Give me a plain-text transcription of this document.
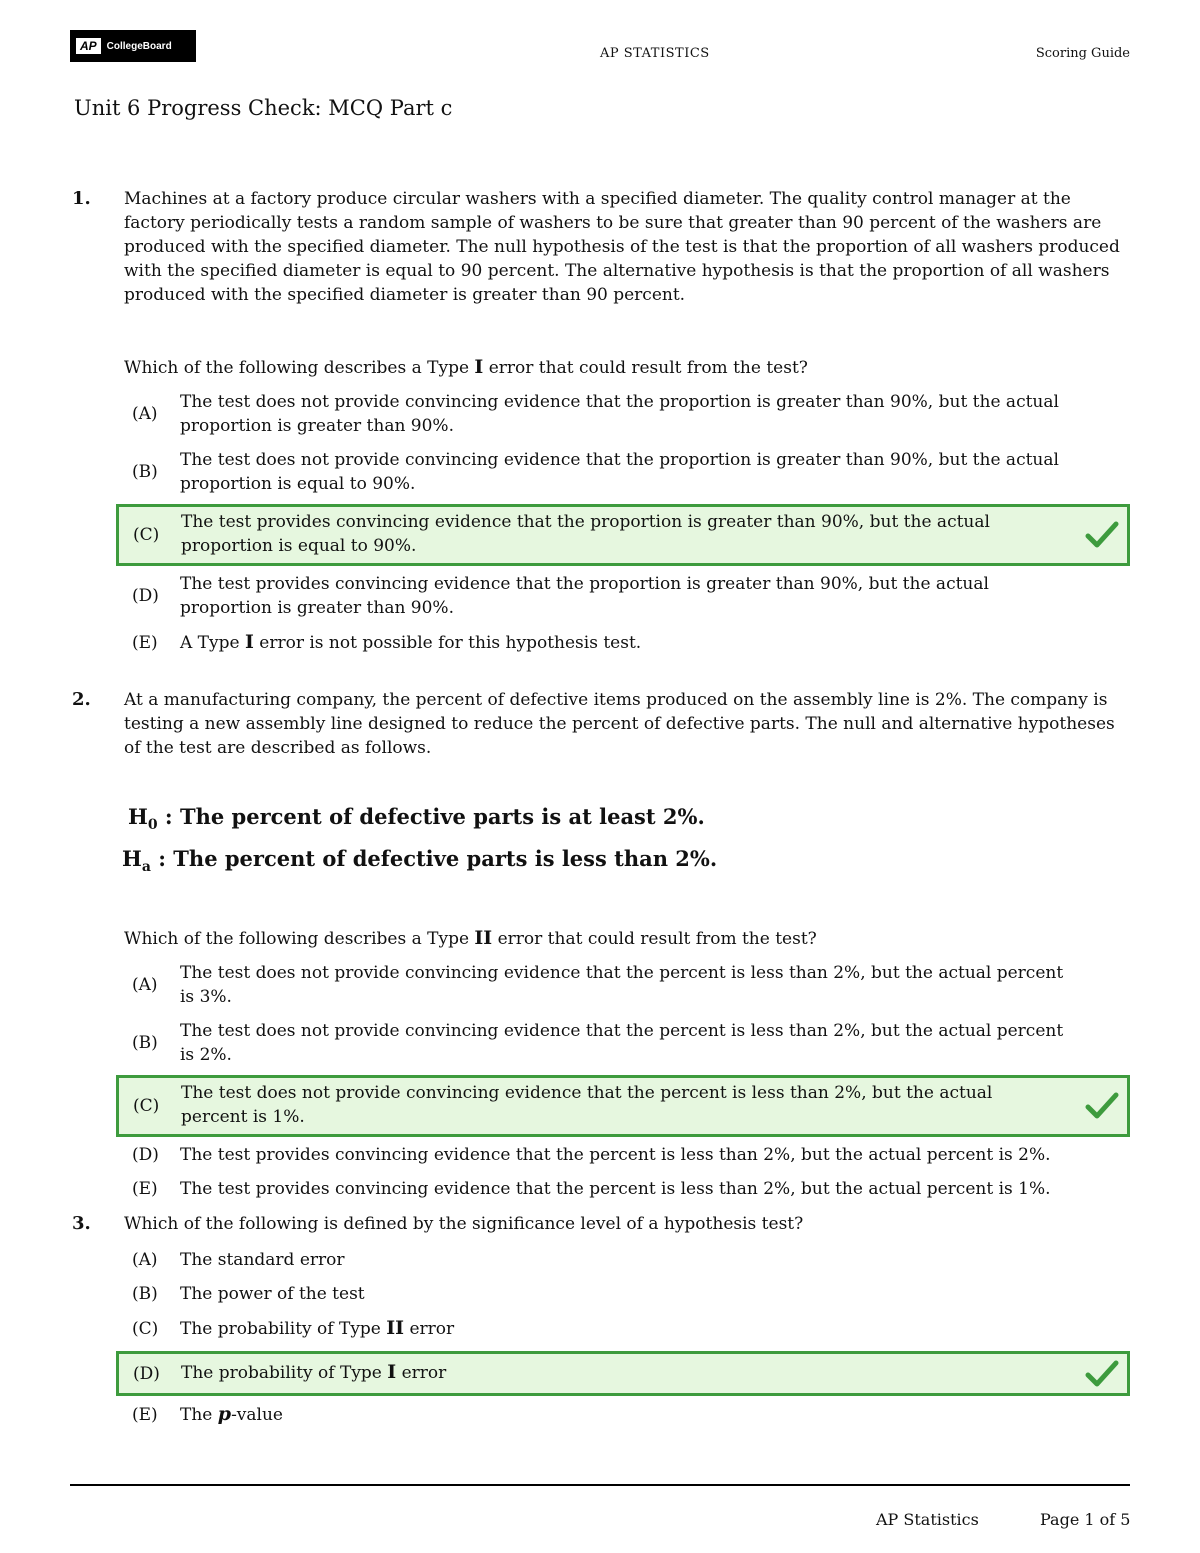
AP	CollegeBoard	AP STATISTICS	Scoring Guide
Unit 6 Progress Check: MCQ Part c
1. Machines at a factory produce circular washers with a specified diameter. The quality control manager at the factory periodically tests a random sample of washers to be sure that greater than 90 percent of the washers are produced with the specified diameter. The null hypothesis of the test is that the proportion of all washers produced with the specified diameter is equal to 90 percent. The alternative hypothesis is that the proportion of all washers produced with the specified diameter is greater than 90 percent.
Which of the following describes a Type I error that could result from the test?
(A)
The test does not provide convincing evidence that the proportion is greater than 90%, but the actual proportion is greater than 90%.
(B)
The test does not provide convincing evidence that the proportion is greater than 90%, but the actual proportion is equal to 90%.
(C)
The test provides convincing evidence that the proportion is greater than 90%, but the actual proportion is equal to 90%.
(D)
The test provides convincing evidence that the proportion is greater than 90%, but the actual proportion is greater than 90%.
(E) A Type I error is not possible for this hypothesis test.
2. At a manufacturing company, the percent of defective items produced on the assembly line is 2%. The company is testing a new assembly line designed to reduce the percent of defective parts. The null and alternative hypotheses of the test are described as follows.
$H_0$ : The percent of defective parts is at least 2%.
$H_a$ : The percent of defective parts is less than 2%.
Which of the following describes a Type II error that could result from the test?
(A)
The test does not provide convincing evidence that the percent is less than 2%, but the actual percent is 3%.
(B)
The test does not provide convincing evidence that the percent is less than 2%, but the actual percent is 2%.
(C)
The test does not provide convincing evidence that the percent is less than 2%, but the actual percent is 1%.
(D) The test provides convincing evidence that the percent is less than 2%, but the actual percent is 2%.
(E) The test provides convincing evidence that the percent is less than 2%, but the actual percent is 1%.
3. Which of the following is defined by the significance level of a hypothesis test?
(A) The standard error
(B) The power of the test
(C) The probability of Type II error
(D) The probability of Type I error
(E) The p-value
AP Statistics	Page 1 of 5
